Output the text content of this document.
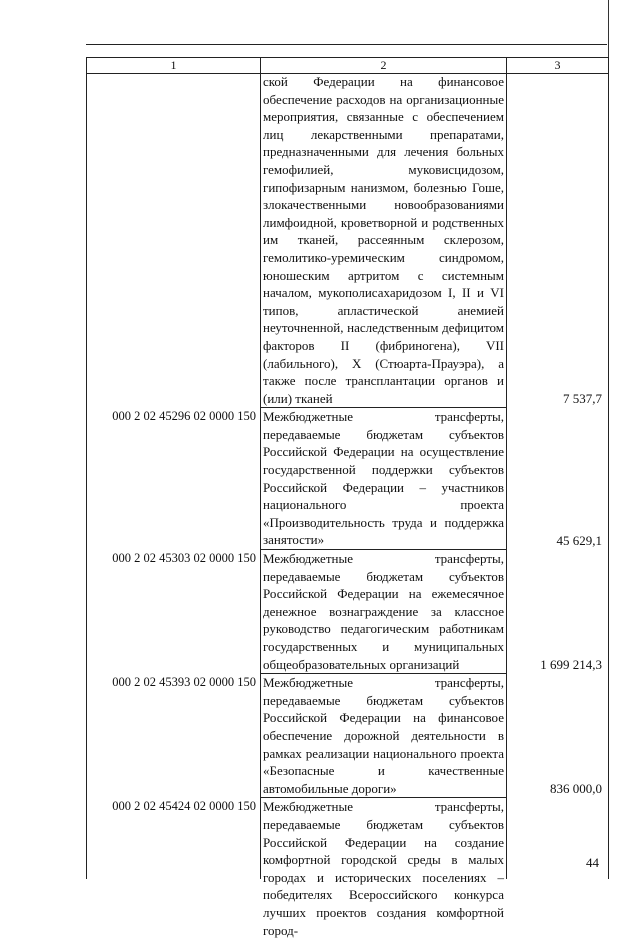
1	2	3

ской Федерации на финансовое обеспечение расходов на организационные мероприятия, связанные с обеспечением лиц лекарственными препаратами, предназначенными для лечения больных гемофилией, муковисцидозом, гипофизарным нанизмом, болезнью Гоше, злокачественными новообразованиями лимфоидной, кроветворной и родственных им тканей, рассеянным склерозом, гемолитико-уремическим синдромом, юношеским артритом с системным началом, мукополисахаридозом I, II и VI типов, апластической анемией неуточненной, наследственным дефицитом факторов II (фибриногена), VII (лабильного), X (Стюарта-Прауэра), а также после трансплантации органов и (или) тканей

Межбюджетные трансферты, передаваемые бюджетам субъектов Российской Федерации на осуществление государственной поддержки субъектов Российской Федерации – участников национального проекта «Производительность труда и поддержка занятости»

Межбюджетные трансферты, передаваемые бюджетам субъектов Российской Федерации на ежемесячное денежное вознаграждение за классное руководство педагогическим работникам государственных и муниципальных общеобразовательных организаций

Межбюджетные трансферты, передаваемые бюджетам субъектов Российской Федерации на финансовое обеспечение дорожной деятельности в рамках реализации национального проекта «Безопасные и качественные автомобильные дороги»

Межбюджетные трансферты, передаваемые бюджетам субъектов Российской Федерации на создание комфортной городской среды в малых городах и исторических поселениях – победителях Всероссийского конкурса лучших проектов создания комфортной город-

000 2 02 45296 02 0000 150
000 2 02 45303 02 0000 150
000 2 02 45393 02 0000 150
000 2 02 45424 02 0000 150
7 537,7
45 629,1
1 699 214,3
836 000,0
44
